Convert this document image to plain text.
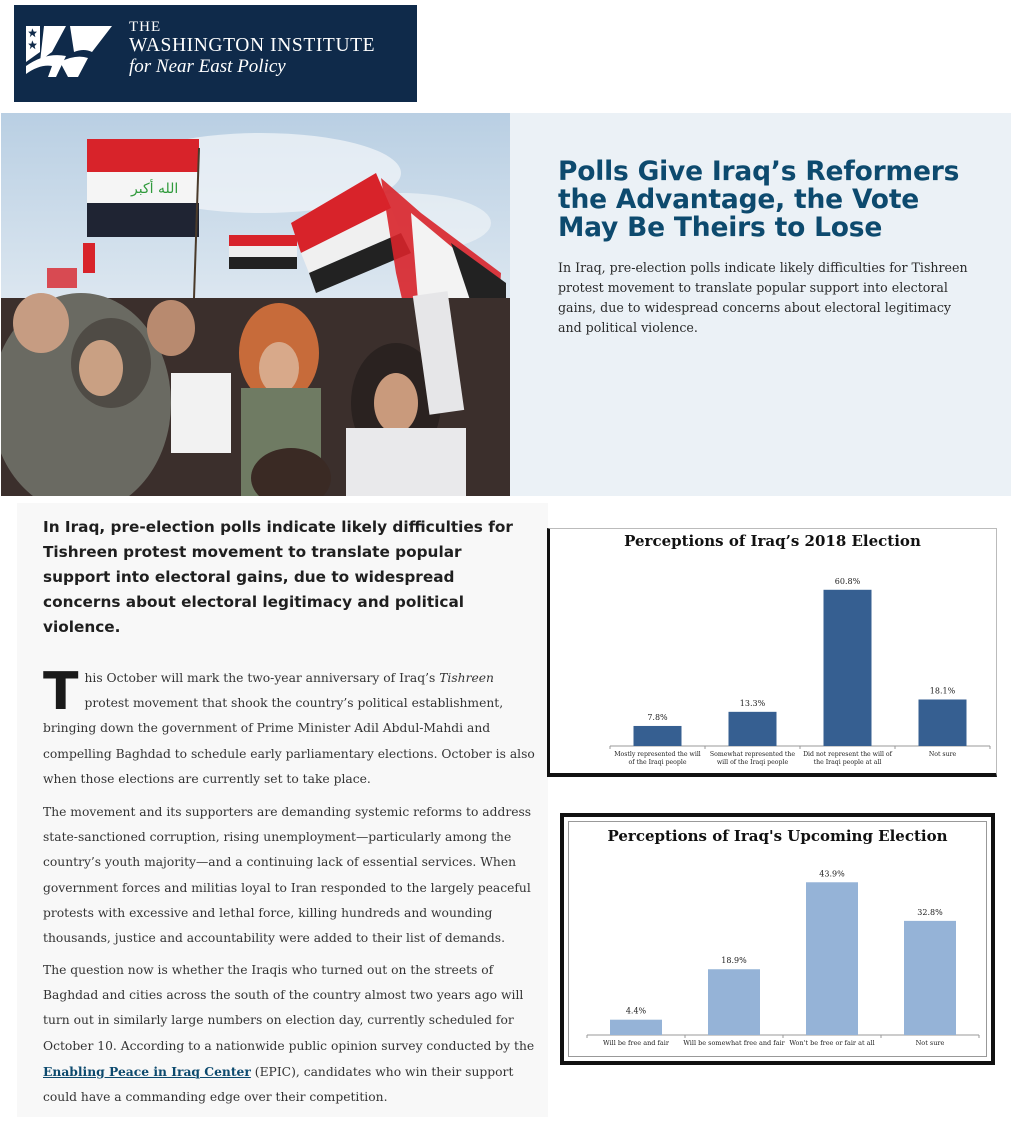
THE
WASHINGTON INSTITUTE
for Near East Policy
الله أكبر
Polls Give Iraq’s Reformers the Advantage, the Vote May Be Theirs to Lose

In Iraq, pre-election polls indicate likely difficulties for Tishreen protest movement to translate popular support into electoral gains, due to widespread concerns about electoral legitimacy and political violence.

In Iraq, pre-election polls indicate likely difficulties for Tishreen protest movement to translate popular support into electoral gains, due to widespread concerns about electoral legitimacy and political violence.

This October will mark the two-year anniversary of Iraq’s Tishreen protest movement that shook the country’s political establishment, bringing down the government of Prime Minister Adil Abdul-Mahdi and compelling Baghdad to schedule early parliamentary elections. October is also when those elections are currently set to take place.

The movement and its supporters are demanding systemic reforms to address state-sanctioned corruption, rising unemployment—particularly among the country’s youth majority—and a continuing lack of essential services. When government forces and militias loyal to Iran responded to the largely peaceful protests with excessive and lethal force, killing hundreds and wounding thousands, justice and accountability were added to their list of demands.

The question now is whether the Iraqis who turned out on the streets of Baghdad and cities across the south of the country almost two years ago will turn out in similarly large numbers on election day, currently scheduled for October 10. According to a nationwide public opinion survey conducted by the Enabling Peace in Iraq Center (EPIC), candidates who win their support could have a commanding edge over their competition.

Perceptions of Iraq’s 2018 Election
7.8%
Mostly represented the will
of the Iraqi people
13.3%
Somewhat represented the
will of the Iraqi people
60.8%
Did not represent the will of
the Iraqi people at all
18.1%
Not sure
Perceptions of Iraq's Upcoming Election
4.4%
Will be free and fair
18.9%
Will be somewhat free and fair
43.9%
Won't be free or fair at all
32.8%
Not sure
